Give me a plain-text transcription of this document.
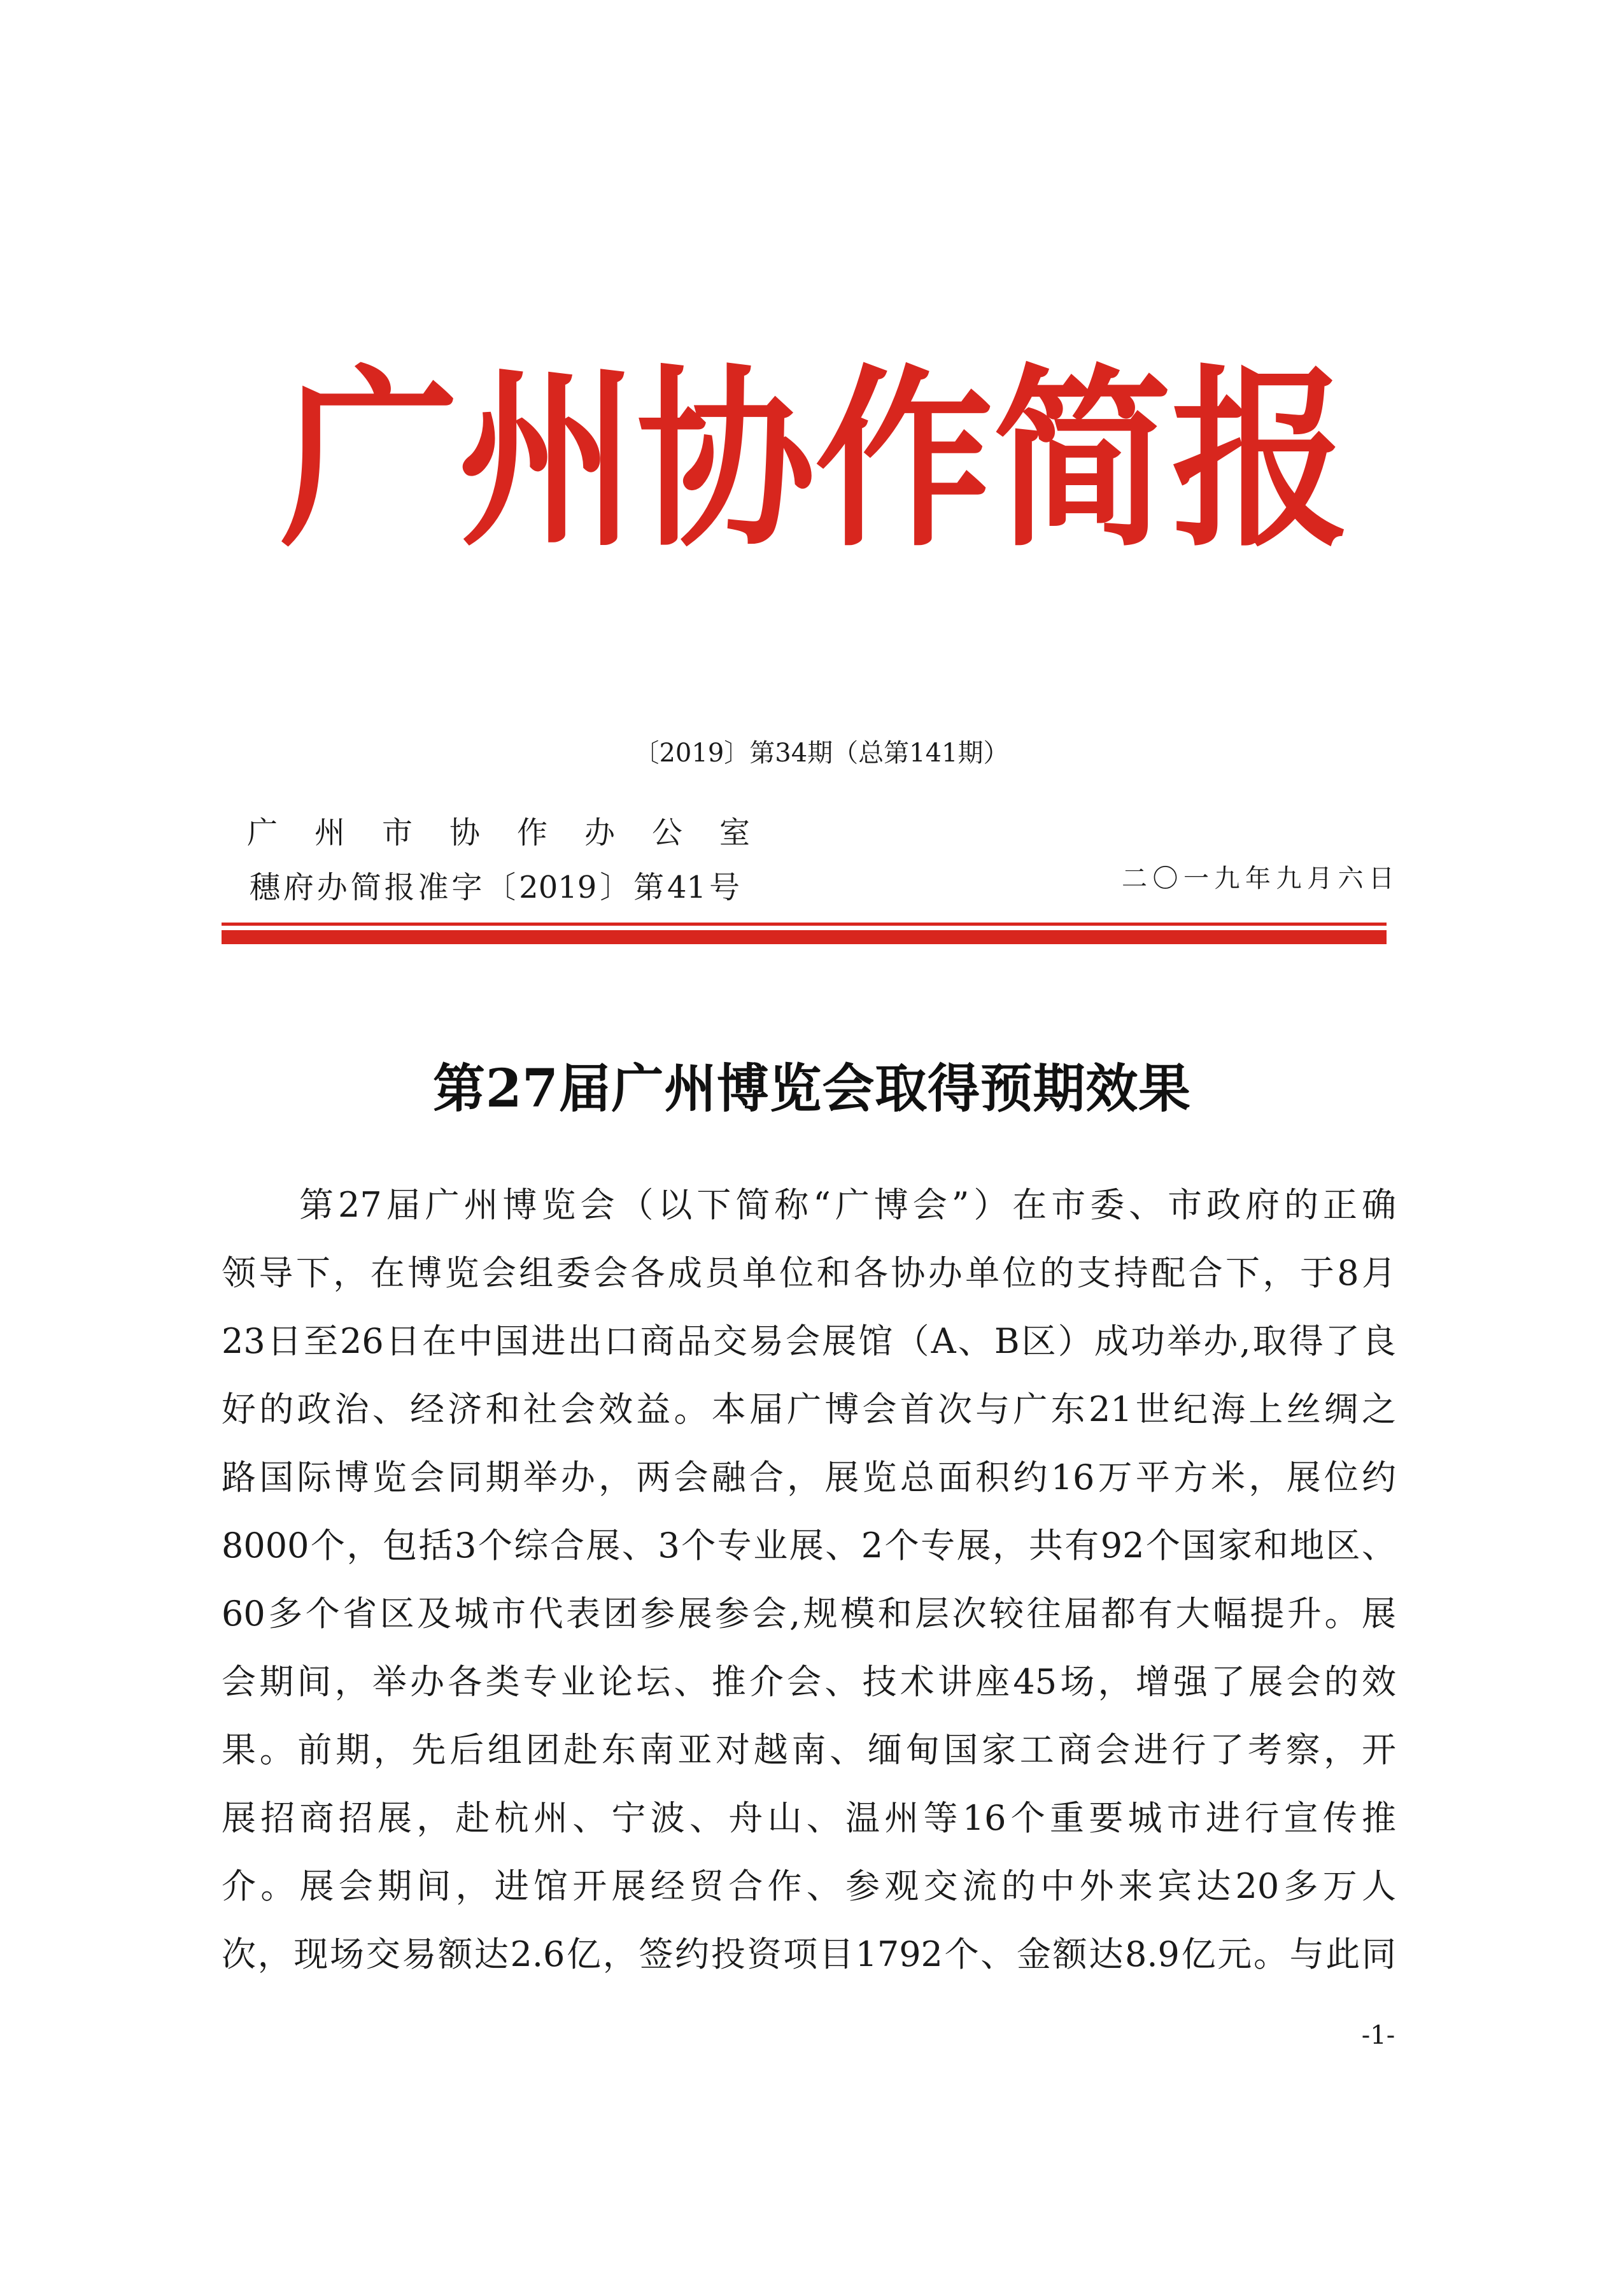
广州协作简报
〔2019〕第34期（总第141期）
广州市协作办公室
穗府办简报准字〔2019〕第41号	二〇一九年九月六日
第27届广州博览会取得预期效果
第27届广州博览会（以下简称“广博会”）在市委、市政府的正确
领导下，在博览会组委会各成员单位和各协办单位的支持配合下，于8月
23日至26日在中国进出口商品交易会展馆（A、B区）成功举办,取得了良
好的政治、经济和社会效益。本届广博会首次与广东21世纪海上丝绸之
路国际博览会同期举办，两会融合，展览总面积约16万平方米，展位约
8000个，包括3个综合展、3个专业展、2个专展，共有92个国家和地区、
60多个省区及城市代表团参展参会,规模和层次较往届都有大幅提升。展
会期间，举办各类专业论坛、推介会、技术讲座45场，增强了展会的效
果。前期，先后组团赴东南亚对越南、缅甸国家工商会进行了考察，开
展招商招展，赴杭州、宁波、舟山、温州等16个重要城市进行宣传推
介。展会期间，进馆开展经贸合作、参观交流的中外来宾达20多万人
次，现场交易额达2.6亿，签约投资项目1792个、金额达8.9亿元。与此同
-1-
